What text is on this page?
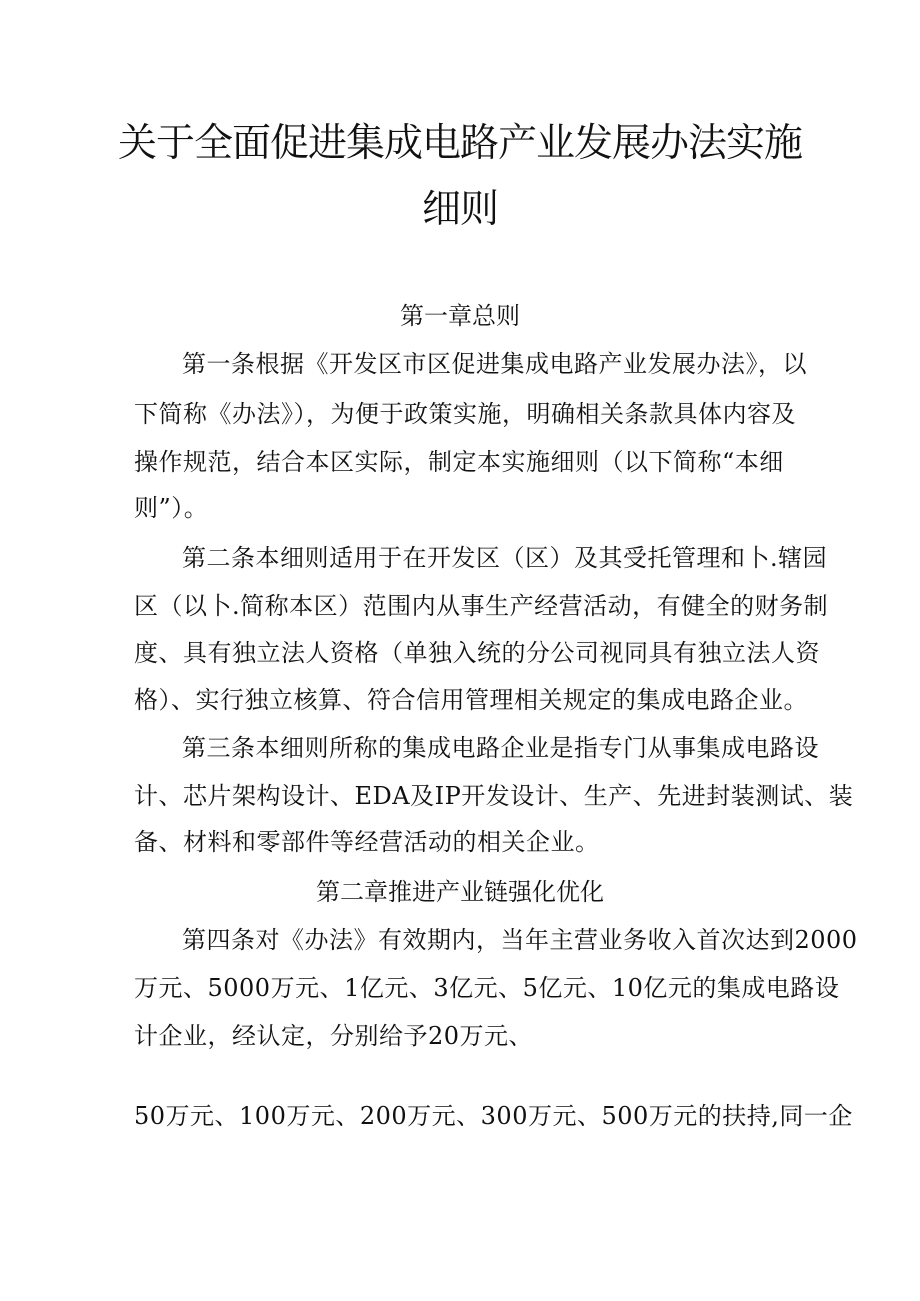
关于全面促进集成电路产业发展办法实施
细则
第一章总则
第一条根据《开发区市区促进集成电路产业发展办法》，以
下简称《办法》），为便于政策实施，明确相关条款具体内容及
操作规范，结合本区实际，制定本实施细则（以下简称“本细
则”）。
第二条本细则适用于在开发区（区）及其受托管理和卜.辖园
区（以卜.简称本区）范围内从事生产经营活动，有健全的财务制
度、具有独立法人资格（单独入统的分公司视同具有独立法人资
格）、实行独立核算、符合信用管理相关规定的集成电路企业。
第三条本细则所称的集成电路企业是指专门从事集成电路设
计、芯片架构设计、EDA及IP开发设计、生产、先进封装测试、装
备、材料和零部件等经营活动的相关企业。
第二章推进产业链强化优化
第四条对《办法》有效期内，当年主营业务收入首次达到2000
万元、5000万元、1亿元、3亿元、5亿元、10亿元的集成电路设
计企业，经认定，分别给予20万元、
50万元、100万元、200万元、300万元、500万元的扶持,同一企
